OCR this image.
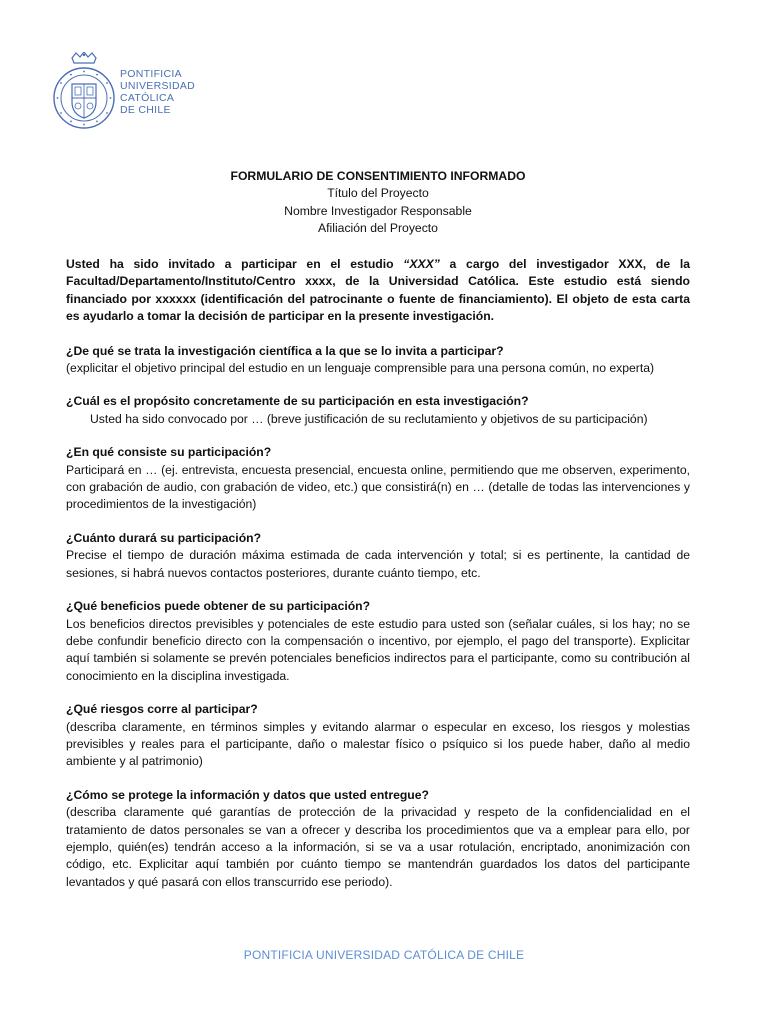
PONTIFICIA
UNIVERSIDAD
CATÓLICA
DE CHILE
FORMULARIO DE CONSENTIMIENTO INFORMADO
Título del Proyecto
Nombre Investigador Responsable
Afiliación del Proyecto

Usted ha sido invitado a participar en el estudio “XXX” a cargo del investigador XXX, de la Facultad/Departamento/Instituto/Centro xxxx, de la Universidad Católica. Este estudio está siendo financiado por xxxxxx (identificación del patrocinante o fuente de financiamiento). El objeto de esta carta es ayudarlo a tomar la decisión de participar en la presente investigación.

¿De qué se trata la investigación científica a la que se lo invita a participar?

(explicitar el objetivo principal del estudio en un lenguaje comprensible para una persona común, no experta)

¿Cuál es el propósito concretamente de su participación en esta investigación?

Usted ha sido convocado por … (breve justificación de su reclutamiento y objetivos de su participación)

¿En qué consiste su participación?

Participará en … (ej. entrevista, encuesta presencial, encuesta online, permitiendo que me observen, experimento, con grabación de audio, con grabación de video, etc.) que consistirá(n) en … (detalle de todas las intervenciones y procedimientos de la investigación)

¿Cuánto durará su participación?

Precise el tiempo de duración máxima estimada de cada intervención y total; si es pertinente, la cantidad de sesiones, si habrá nuevos contactos posteriores, durante cuánto tiempo, etc.

¿Qué beneficios puede obtener de su participación?

Los beneficios directos previsibles y potenciales de este estudio para usted son (señalar cuáles, si los hay; no se debe confundir beneficio directo con la compensación o incentivo, por ejemplo, el pago del transporte). Explicitar aquí también si solamente se prevén potenciales beneficios indirectos para el participante, como su contribución al conocimiento en la disciplina investigada.

¿Qué riesgos corre al participar?

(describa claramente, en términos simples y evitando alarmar o especular en exceso, los riesgos y molestias previsibles y reales para el participante, daño o malestar físico o psíquico si los puede haber, daño al medio ambiente y al patrimonio)

¿Cómo se protege la información y datos que usted entregue?

(describa claramente qué garantías de protección de la privacidad y respeto de la confidencialidad en el tratamiento de datos personales se van a ofrecer y describa los procedimientos que va a emplear para ello, por ejemplo, quién(es) tendrán acceso a la información, si se va a usar rotulación, encriptado, anonimización con código, etc. Explicitar aquí también por cuánto tiempo se mantendrán guardados los datos del participante levantados y qué pasará con ellos transcurrido ese periodo).

PONTIFICIA UNIVERSIDAD CATÓLICA DE CHILE
